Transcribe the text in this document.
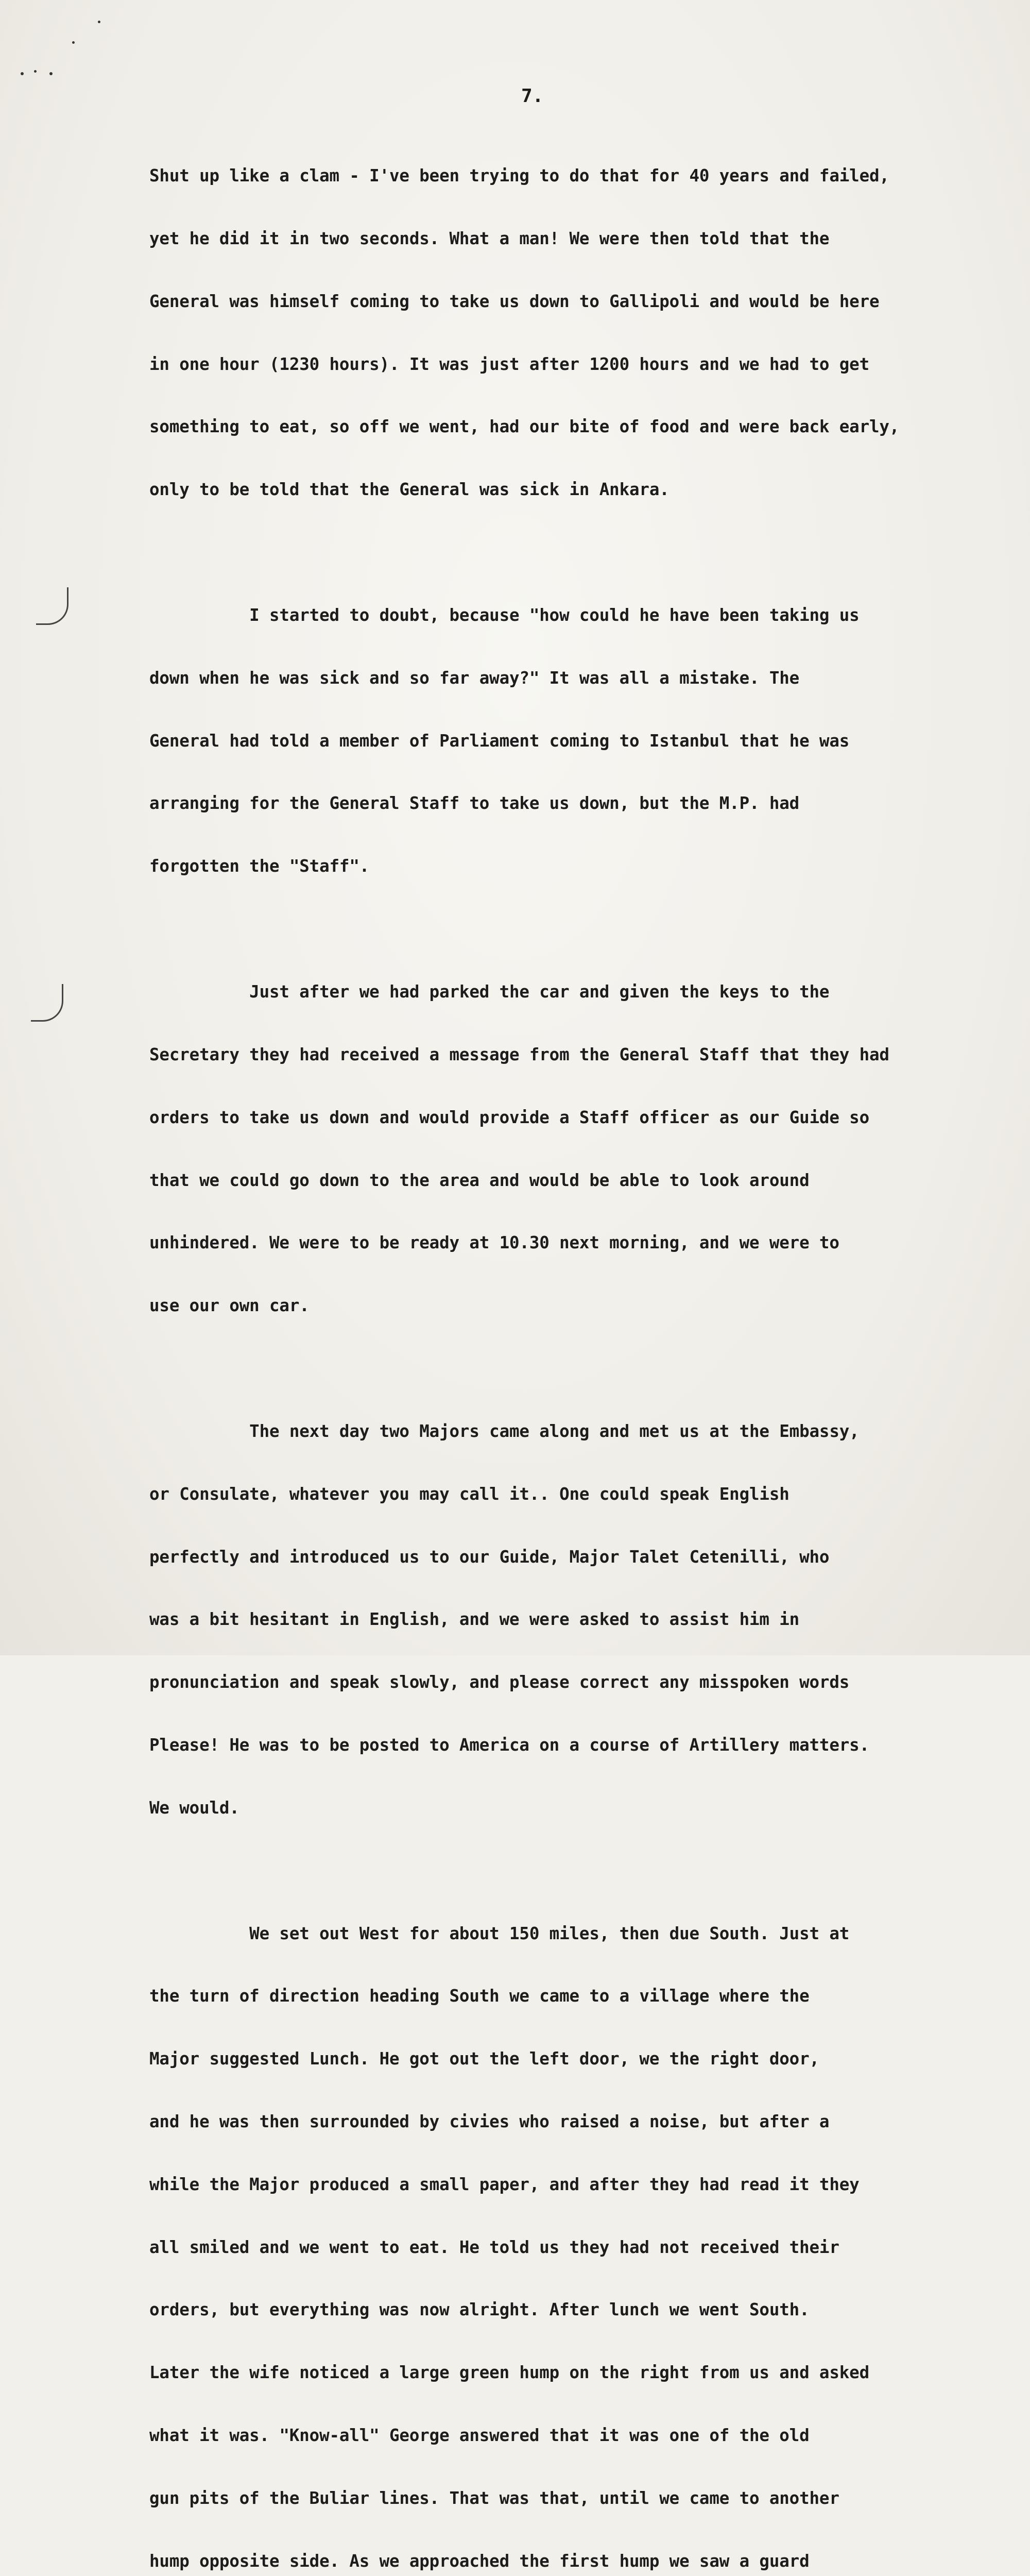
7.

Shut up like a clam - I've been trying to do that for 40 years and failed,

yet he did it in two seconds. What a man! We were then told that the

General was himself coming to take us down to Gallipoli and would be here

in one hour (1230 hours). It was just after 1200 hours and we had to get

something to eat, so off we went, had our bite of food and were back early,

only to be told that the General was sick in Ankara.

I started to doubt, because "how could he have been taking us

down when he was sick and so far away?" It was all a mistake. The

General had told a member of Parliament coming to Istanbul that he was

arranging for the General Staff to take us down, but the M.P. had

forgotten the "Staff".

Just after we had parked the car and given the keys to the

Secretary they had received a message from the General Staff that they had

orders to take us down and would provide a Staff officer as our Guide so

that we could go down to the area and would be able to look around

unhindered. We were to be ready at 10.30 next morning, and we were to

use our own car.

The next day two Majors came along and met us at the Embassy,

or Consulate, whatever you may call it.. One could speak English

perfectly and introduced us to our Guide, Major Talet Cetenilli, who

was a bit hesitant in English, and we were asked to assist him in

pronunciation and speak slowly, and please correct any misspoken words

Please! He was to be posted to America on a course of Artillery matters.

We would.

We set out West for about 150 miles, then due South. Just at

the turn of direction heading South we came to a village where the

Major suggested Lunch. He got out the left door, we the right door,

and he was then surrounded by civies who raised a noise, but after a

while the Major produced a small paper, and after they had read it they

all smiled and we went to eat. He told us they had not received their

orders, but everything was now alright. After lunch we went South.

Later the wife noticed a large green hump on the right from us and asked

what it was. "Know-all" George answered that it was one of the old

gun pits of the Buliar lines. That was that, until we came to another

hump opposite side. As we approached the first hump we saw a guard
